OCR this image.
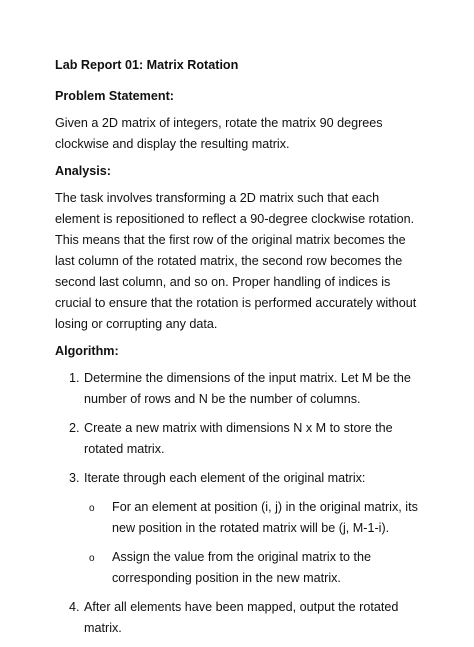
Lab Report 01: Matrix Rotation

Problem Statement:

Given a 2D matrix of integers, rotate the matrix 90 degrees clockwise and display the resulting matrix.

Analysis:

The task involves transforming a 2D matrix such that each element is repositioned to reflect a 90-degree clockwise rotation. This means that the first row of the original matrix becomes the last column of the rotated matrix, the second row becomes the second last column, and so on. Proper handling of indices is crucial to ensure that the rotation is performed accurately without losing or corrupting any data.

Algorithm:

1. Determine the dimensions of the input matrix. Let M be the number of rows and N be the number of columns.
2. Create a new matrix with dimensions N x M to store the rotated matrix.
3. Iterate through each element of the original matrix:
o For an element at position (i, j) in the original matrix, its new position in the rotated matrix will be (j, M-1-i).
o Assign the value from the original matrix to the corresponding position in the new matrix.
4. After all elements have been mapped, output the rotated matrix.
